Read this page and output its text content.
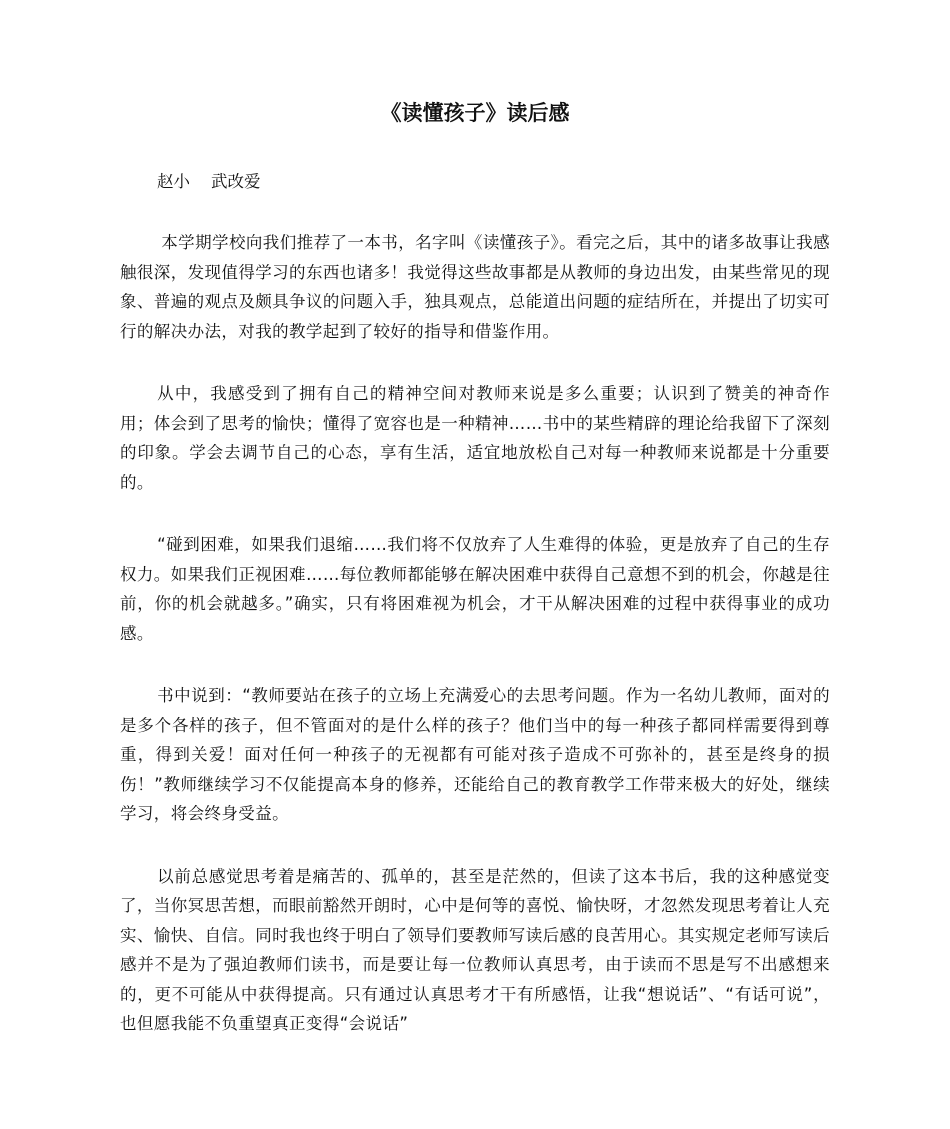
《读懂孩子》读后感

赵小    武改爱

本学期学校向我们推荐了一本书，名字叫《读懂孩子》。看完之后，其中的诸多故事让我感触很深，发现值得学习的东西也诸多！我觉得这些故事都是从教师的身边出发，由某些常见的现象、普遍的观点及颇具争议的问题入手，独具观点，总能道出问题的症结所在，并提出了切实可行的解决办法，对我的教学起到了较好的指导和借鉴作用。

从中，我感受到了拥有自己的精神空间对教师来说是多么重要；认识到了赞美的神奇作用；体会到了思考的愉快；懂得了宽容也是一种精神……书中的某些精辟的理论给我留下了深刻的印象。学会去调节自己的心态，享有生活，适宜地放松自己对每一种教师来说都是十分重要的。

“碰到困难，如果我们退缩……我们将不仅放弃了人生难得的体验，更是放弃了自己的生存权力。如果我们正视困难……每位教师都能够在解决困难中获得自己意想不到的机会，你越是往前，你的机会就越多。”确实，只有将困难视为机会，才干从解决困难的过程中获得事业的成功感。

书中说到：“教师要站在孩子的立场上充满爱心的去思考问题。作为一名幼儿教师，面对的是多个各样的孩子，但不管面对的是什么样的孩子？他们当中的每一种孩子都同样需要得到尊重，得到关爱！面对任何一种孩子的无视都有可能对孩子造成不可弥补的，甚至是终身的损伤！”教师继续学习不仅能提高本身的修养，还能给自己的教育教学工作带来极大的好处，继续学习，将会终身受益。

以前总感觉思考着是痛苦的、孤单的，甚至是茫然的，但读了这本书后，我的这种感觉变了，当你冥思苦想，而眼前豁然开朗时，心中是何等的喜悦、愉快呀，才忽然发现思考着让人充实、愉快、自信。同时我也终于明白了领导们要教师写读后感的良苦用心。其实规定老师写读后感并不是为了强迫教师们读书，而是要让每一位教师认真思考，由于读而不思是写不出感想来的，更不可能从中获得提高。只有通过认真思考才干有所感悟，让我“想说话”、“有话可说”，也但愿我能不负重望真正变得“会说话”
